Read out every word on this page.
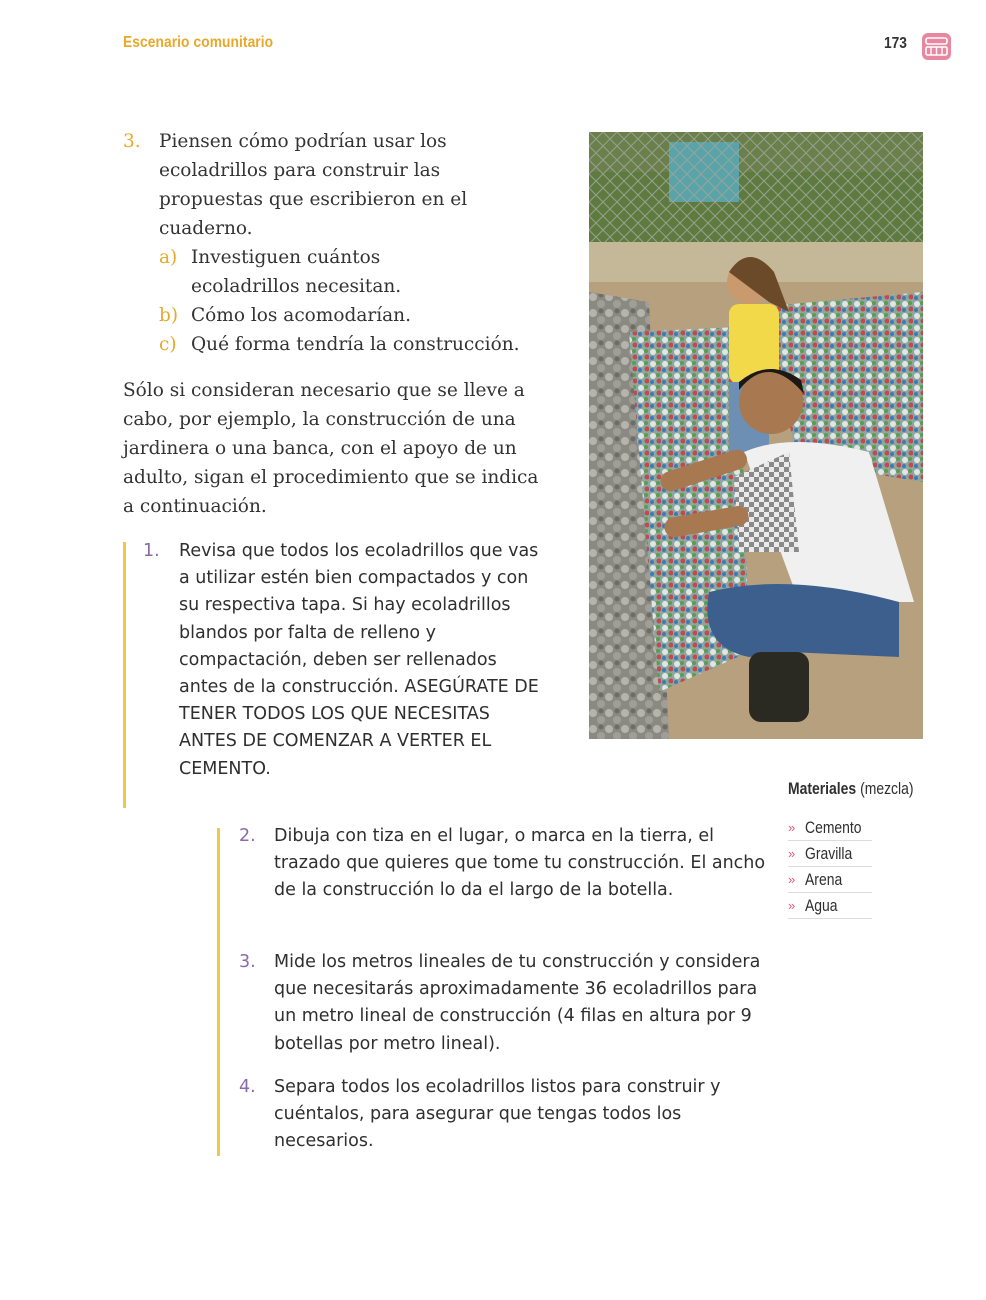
Escenario comunitario	173
3. Piensen cómo podrían usar los ecoladrillos para construir las propuestas que escribieron en el cuaderno.
a) Investiguen cuántos ecoladrillos necesitan.
b) Cómo los acomodarían.
c) Qué forma tendría la construcción.
Sólo si consideran necesario que se lleve a cabo, por ejemplo, la construcción de una jardinera o una banca, con el apoyo de un adulto, sigan el procedimiento que se indica a continuación.
1.	Revisa que todos los ecoladrillos que vas a utilizar estén bien compactados y con su respectiva tapa. Si hay ecoladrillos blandos por falta de relleno y compactación, deben ser rellenados antes de la construcción. ASEGÚRATE DE TENER TODOS LOS QUE NECESITAS ANTES DE COMENZAR A VERTER EL CEMENTO.
2.	Dibuja con tiza en el lugar, o marca en la tierra, el trazado que quieres que tome tu construcción. El ancho de la construcción lo da el largo de la botella.
3.	Mide los metros lineales de tu construcción y considera que necesitarás aproximadamente 36 ecoladrillos para un metro lineal de construcción (4 filas en altura por 9 botellas por metro lineal).
4.	Separa todos los ecoladrillos listos para construir y cuéntalos, para asegurar que tengas todos los necesarios.
Materiales (mezcla)
» Cemento
» Gravilla
» Arena
» Agua
